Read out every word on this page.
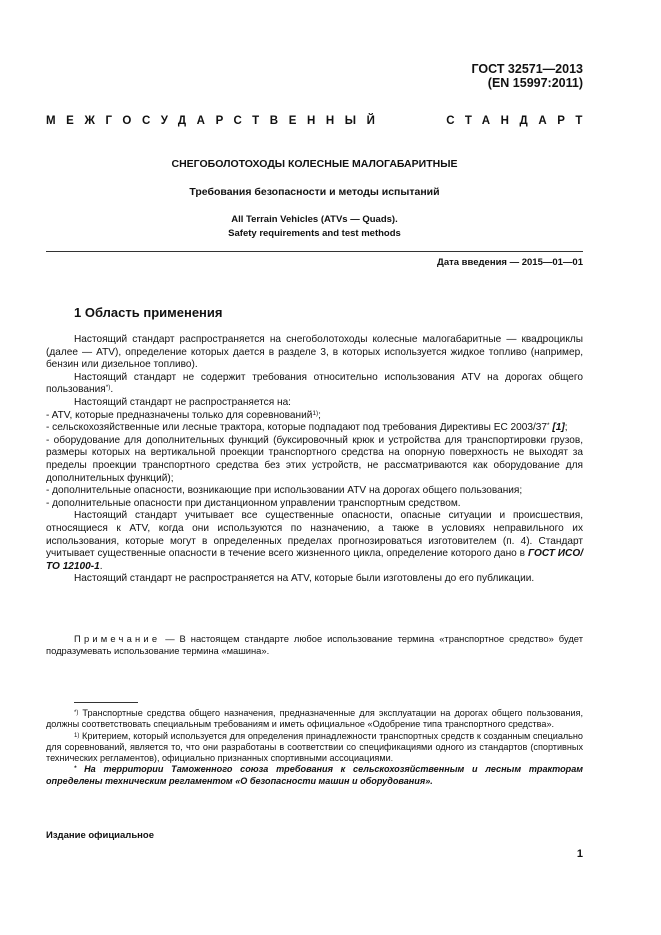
ГОСТ 32571—2013
(EN 15997:2011)
МЕЖГОСУДАРСТВЕННЫЙ	СТАНДАРТ
СНЕГОБОЛОТОХОДЫ КОЛЕСНЫЕ МАЛОГАБАРИТНЫЕ
Требования безопасности и методы испытаний
All Terrain Vehicles (ATVs — Quads).
Safety requirements and test methods
Дата введения — 2015—01—01
1 Область применения

Настоящий стандарт распространяется на снегоболотоходы колесные малогабаритные — квадроциклы (далее — ATV), определение которых дается в разделе 3, в которых используется жидкое топливо (например, бензин или дизельное топливо).

Настоящий стандарт не содержит требования относительно использования ATV на дорогах общего пользования*).

Настоящий стандарт не распространяется на:

- ATV, которые предназначены только для соревнований$^{1)}$;

- сельскохозяйственные или лесные трактора, которые подпадают под требования Директивы ЕС 2003/37* [1];

- оборудование для дополнительных функций (буксировочный крюк и устройства для транспортировки грузов, размеры которых на вертикальной проекции транспортного средства на опорную поверхность не выходят за пределы проекции транспортного средства без этих устройств, не рассматриваются как оборудование для дополнительных функций);

- дополнительные опасности, возникающие при использовании ATV на дорогах общего пользования;

- дополнительные опасности при дистанционном управлении транспортным средством.

Настоящий стандарт учитывает все существенные опасности, опасные ситуации и происшествия, относящиеся к ATV, когда они используются по назначению, а также в условиях неправильного их использования, которые могут в определенных пределах прогнозироваться изготовителем (п. 4). Стандарт учитывает существенные опасности в течение всего жизненного цикла, определение которого дано в ГОСТ ИСО/ТО 12100-1.

Настоящий стандарт не распространяется на ATV, которые были изготовлены до его публикации.

Примечание — В настоящем стандарте любое использование термина «транспортное средство» будет подразумевать использование термина «машина».

*) Транспортные средства общего назначения, предназначенные для эксплуатации на дорогах общего пользования, должны соответствовать специальным требованиям и иметь официальное «Одобрение типа транспортного средства».

$^{1)}$ Критерием, который используется для определения принадлежности транспортных средств к созданным специально для соревнований, является то, что они разработаны в соответствии со спецификациями одного из стандартов (спортивных технических регламентов), официально признанных спортивными ассоциациями.

* На территории Таможенного союза требования к сельскохозяйственным и лесным тракторам определены техническим регламентом «О безопасности машин и оборудования».

Издание официальное
1
